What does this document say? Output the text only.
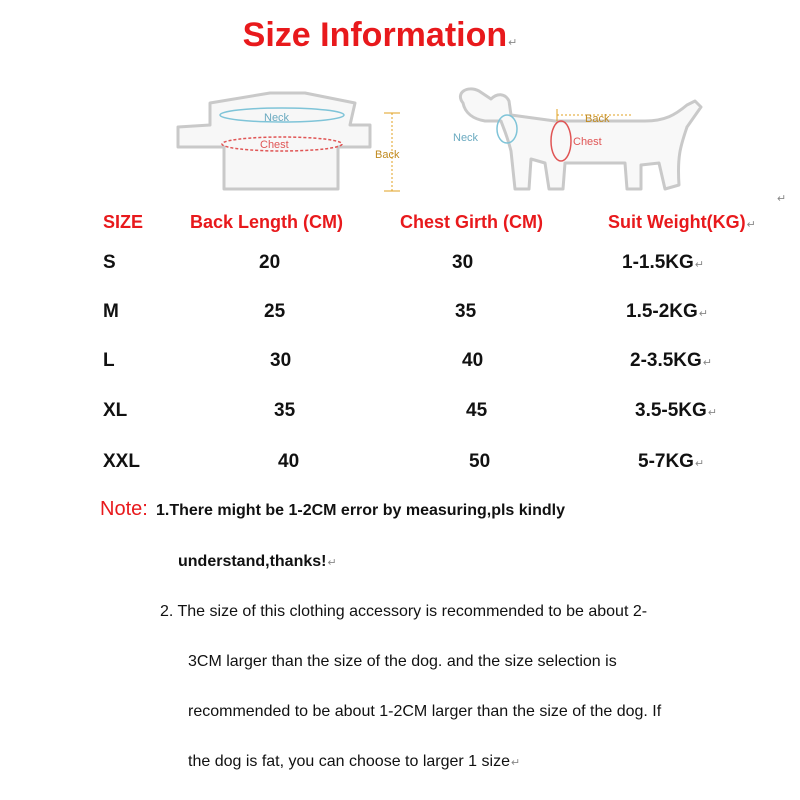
Size Information↵
Neck
Chest
Back
Neck	Chest
Back
↵
SIZE	Back Length (CM)	Chest Girth (CM)	Suit Weight(KG)↵
S	20	30	1-1.5KG↵
M	25	35	1.5-2KG↵
L	30	40	2-3.5KG↵
XL	35	45	3.5-5KG↵
XXL	40	50	5-7KG↵
Note: 1.There might be 1-2CM error by measuring,pls kindly
understand,thanks!↵
2. The size of this clothing accessory is recommended to be about 2-
3CM larger than the size of the dog. and the size selection is
recommended to be about 1-2CM larger than the size of the dog. If
the dog is fat, you can choose to larger 1 size↵
